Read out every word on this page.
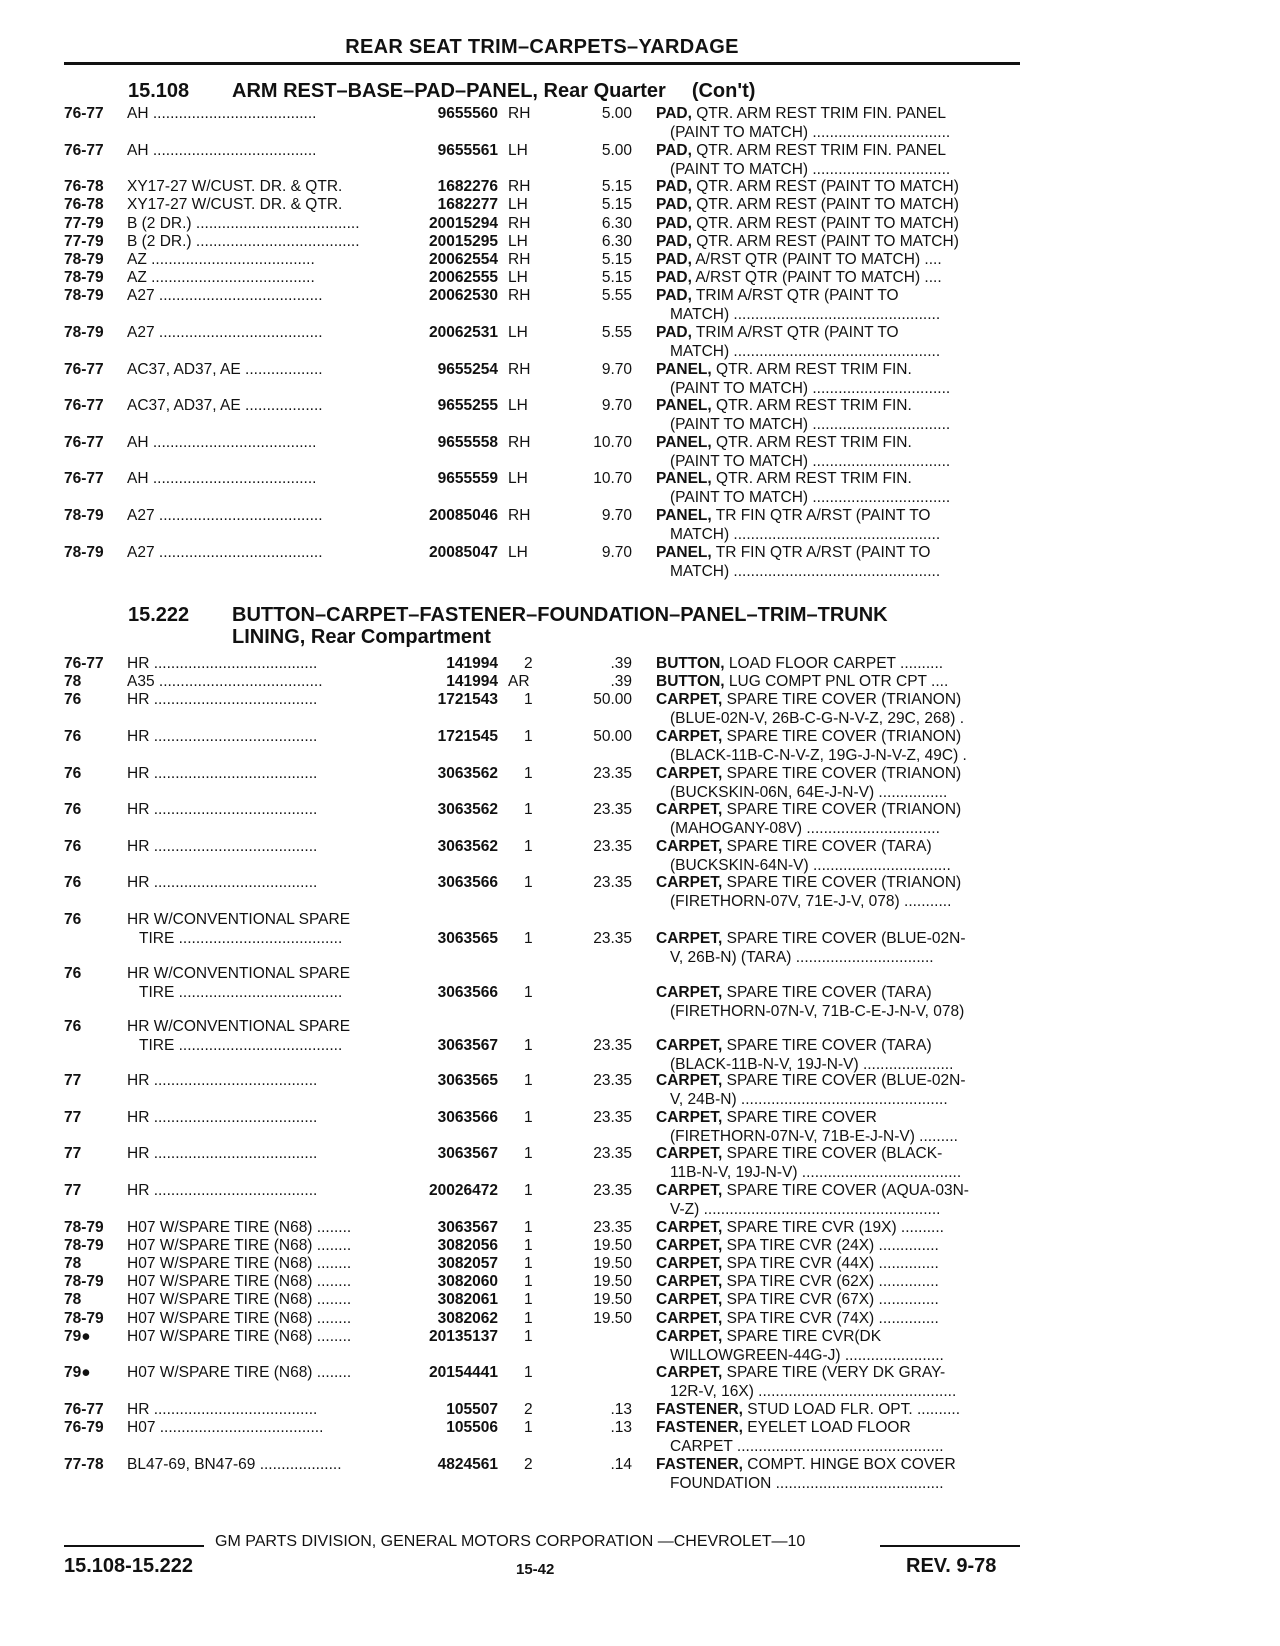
REAR SEAT TRIM–CARPETS–YARDAGE
15.108 ARM REST–BASE–PAD–PANEL, Rear Quarter (Con't)
76-77 AH ......................................	9655560 RH	5.00 PAD, QTR. ARM REST TRIM FIN. PANEL
(PAINT TO MATCH) ................................
76-77 AH ......................................	9655561 LH	5.00 PAD, QTR. ARM REST TRIM FIN. PANEL
(PAINT TO MATCH) ................................
76-78 XY17-27 W/CUST. DR. & QTR.	1682276 RH	5.15 PAD, QTR. ARM REST (PAINT TO MATCH)
76-78 XY17-27 W/CUST. DR. & QTR.	1682277 LH	5.15 PAD, QTR. ARM REST (PAINT TO MATCH)
77-79 B (2 DR.) ......................................	20015294 RH	6.30 PAD, QTR. ARM REST (PAINT TO MATCH)
77-79 B (2 DR.) ......................................	20015295 LH	6.30 PAD, QTR. ARM REST (PAINT TO MATCH)
78-79 AZ ......................................	20062554 RH	5.15 PAD, A/RST QTR (PAINT TO MATCH) ....
78-79 AZ ......................................	20062555 LH	5.15 PAD, A/RST QTR (PAINT TO MATCH) ....
78-79 A27 ......................................	20062530 RH	5.55 PAD, TRIM A/RST QTR (PAINT TO
MATCH) ................................................
78-79 A27 ......................................	20062531 LH	5.55 PAD, TRIM A/RST QTR (PAINT TO
MATCH) ................................................
76-77 AC37, AD37, AE ..................	9655254 RH	9.70 PANEL, QTR. ARM REST TRIM FIN.
(PAINT TO MATCH) ................................
76-77 AC37, AD37, AE ..................	9655255 LH	9.70 PANEL, QTR. ARM REST TRIM FIN.
(PAINT TO MATCH) ................................
76-77 AH ......................................	9655558 RH	10.70 PANEL, QTR. ARM REST TRIM FIN.
(PAINT TO MATCH) ................................
76-77 AH ......................................	9655559 LH	10.70 PANEL, QTR. ARM REST TRIM FIN.
(PAINT TO MATCH) ................................
78-79 A27 ......................................	20085046 RH	9.70 PANEL, TR FIN QTR A/RST (PAINT TO
MATCH) ................................................
78-79 A27 ......................................	20085047 LH	9.70 PANEL, TR FIN QTR A/RST (PAINT TO
MATCH) ................................................
15.222 BUTTON–CARPET–FASTENER–FOUNDATION–PANEL–TRIM–TRUNK
LINING, Rear Compartment
76-77 HR ......................................	141994 2	.39 BUTTON, LOAD FLOOR CARPET ..........
78	A35 ......................................	141994 AR	.39 BUTTON, LUG COMPT PNL OTR CPT ....
76	HR ......................................	1721543 1	50.00 CARPET, SPARE TIRE COVER (TRIANON)
(BLUE-02N-V, 26B-C-G-N-V-Z, 29C, 268) .
76	HR ......................................	1721545 1	50.00 CARPET, SPARE TIRE COVER (TRIANON)
(BLACK-11B-C-N-V-Z, 19G-J-N-V-Z, 49C) .
76	HR ......................................	3063562 1	23.35 CARPET, SPARE TIRE COVER (TRIANON)
(BUCKSKIN-06N, 64E-J-N-V) ................
76	HR ......................................	3063562 1	23.35 CARPET, SPARE TIRE COVER (TRIANON)
(MAHOGANY-08V) ...............................
76	HR ......................................	3063562 1	23.35 CARPET, SPARE TIRE COVER (TARA)
(BUCKSKIN-64N-V) ................................
76	HR ......................................	3063566 1	23.35 CARPET, SPARE TIRE COVER (TRIANON)
(FIRETHORN-07V, 71E-J-V, 078) ...........
76	HR W/CONVENTIONAL SPARE
TIRE ......................................	3063565 1	23.35 CARPET, SPARE TIRE COVER (BLUE-02N-
V, 26B-N) (TARA) ................................
76	HR W/CONVENTIONAL SPARE
TIRE ......................................	3063566 1	CARPET, SPARE TIRE COVER (TARA)
(FIRETHORN-07N-V, 71B-C-E-J-N-V, 078)
76	HR W/CONVENTIONAL SPARE
TIRE ......................................	3063567 1	23.35 CARPET, SPARE TIRE COVER (TARA)
(BLACK-11B-N-V, 19J-N-V) .....................
77	HR ......................................	3063565 1	23.35 CARPET, SPARE TIRE COVER (BLUE-02N-
V, 24B-N) ................................................
77	HR ......................................	3063566 1	23.35 CARPET, SPARE TIRE COVER
(FIRETHORN-07N-V, 71B-E-J-N-V) .........
77	HR ......................................	3063567 1	23.35 CARPET, SPARE TIRE COVER (BLACK-
11B-N-V, 19J-N-V) .....................................
77	HR ......................................	20026472 1	23.35 CARPET, SPARE TIRE COVER (AQUA-03N-
V-Z) .......................................................
78-79 H07 W/SPARE TIRE (N68) ........	3063567 1	23.35 CARPET, SPARE TIRE CVR (19X) ..........
78-79 H07 W/SPARE TIRE (N68) ........	3082056 1	19.50 CARPET, SPA TIRE CVR (24X) ..............
78	H07 W/SPARE TIRE (N68) ........	3082057 1	19.50 CARPET, SPA TIRE CVR (44X) ..............
78-79 H07 W/SPARE TIRE (N68) ........	3082060 1	19.50 CARPET, SPA TIRE CVR (62X) ..............
78	H07 W/SPARE TIRE (N68) ........	3082061 1	19.50 CARPET, SPA TIRE CVR (67X) ..............
78-79 H07 W/SPARE TIRE (N68) ........	3082062 1	19.50 CARPET, SPA TIRE CVR (74X) ..............
79● H07 W/SPARE TIRE (N68) ........	20135137 1	CARPET, SPARE TIRE CVR(DK
WILLOWGREEN-44G-J) .......................
79● H07 W/SPARE TIRE (N68) ........	20154441 1	CARPET, SPARE TIRE (VERY DK GRAY-
12R-V, 16X) ..............................................
76-77 HR ......................................	105507 2	.13 FASTENER, STUD LOAD FLR. OPT. ..........
76-79 H07 ......................................	105506 1	.13 FASTENER, EYELET LOAD FLOOR
CARPET ................................................
77-78 BL47-69, BN47-69 ...................	4824561 2	.14 FASTENER, COMPT. HINGE BOX COVER
FOUNDATION .......................................
GM PARTS DIVISION, GENERAL MOTORS CORPORATION —CHEVROLET—10
15.108-15.222	15-42	REV. 9-78
